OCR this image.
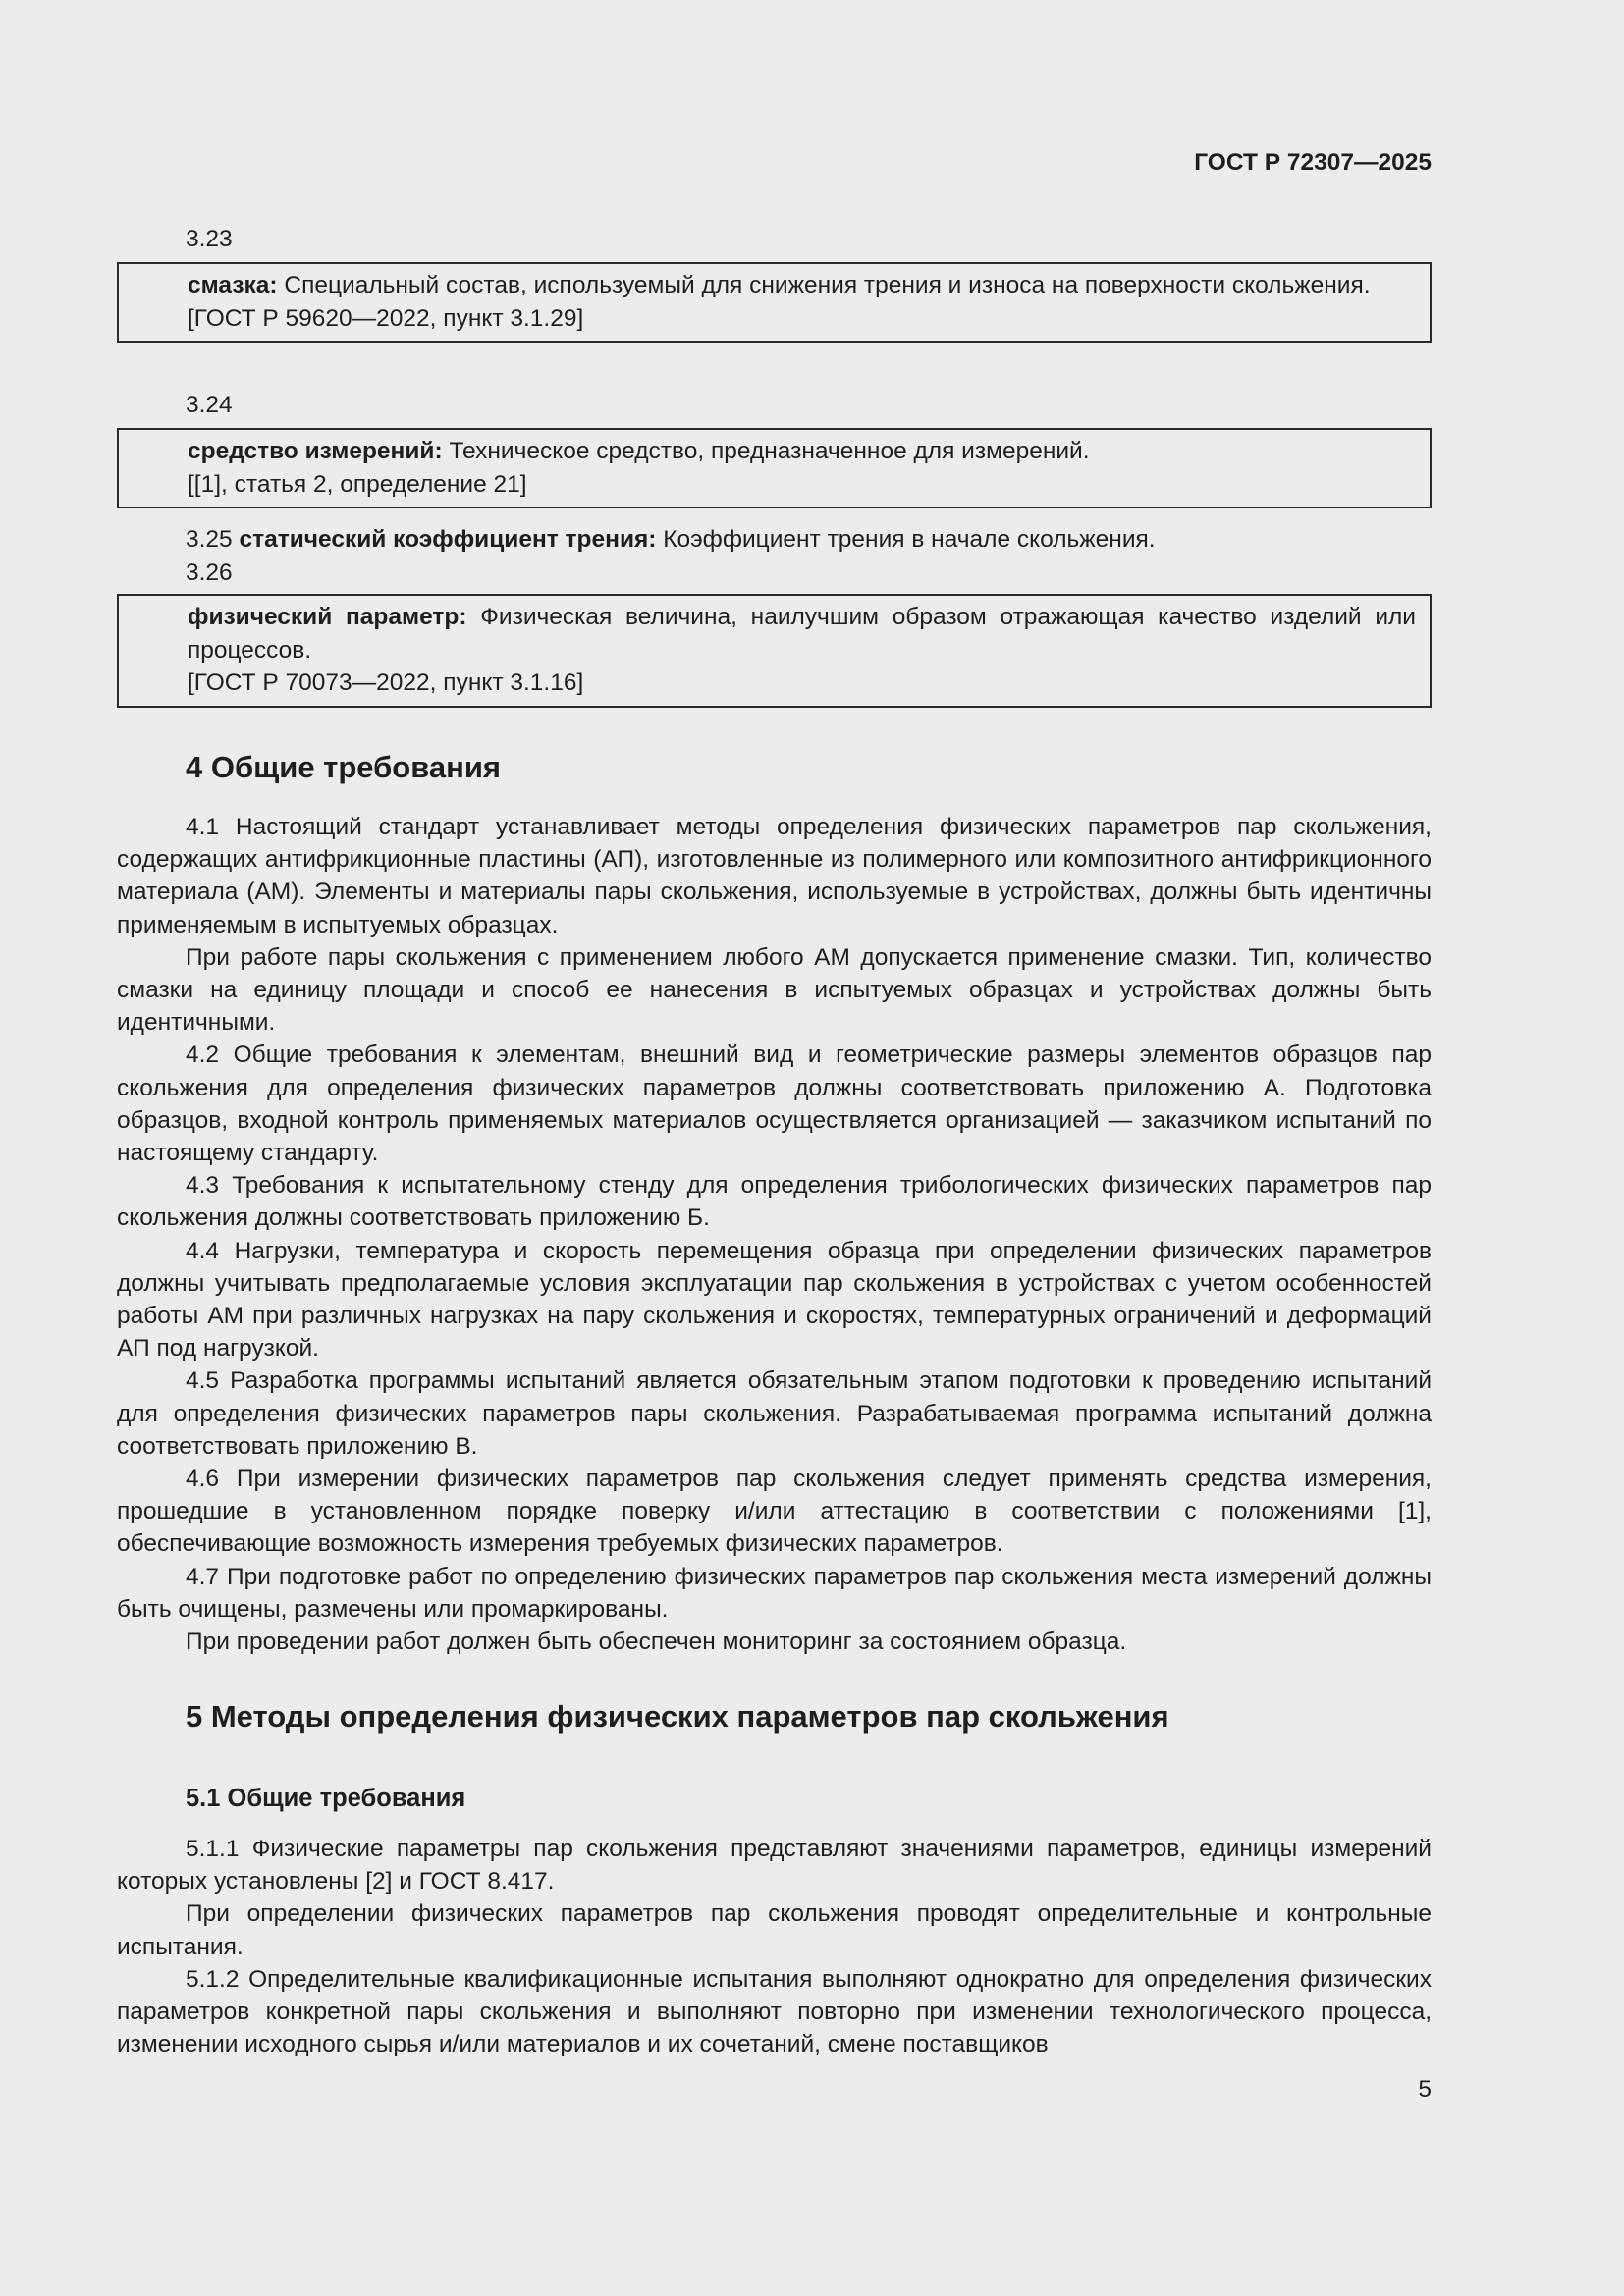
ГОСТ Р 72307—2025
3.23
смазка: Специальный состав, используемый для снижения трения и износа на поверхности скольжения.
[ГОСТ Р 59620—2022, пункт 3.1.29]
3.24
средство измерений: Техническое средство, предназначенное для измерений.
[[1], статья 2, определение 21]
3.25 статический коэффициент трения: Коэффициент трения в начале скольжения.
3.26
физический параметр: Физическая величина, наилучшим образом отражающая качество изделий или процессов.
[ГОСТ Р 70073—2022, пункт 3.1.16]
4 Общие требования

4.1 Настоящий стандарт устанавливает методы определения физических параметров пар скольжения, содержащих антифрикционные пластины (АП), изготовленные из полимерного или композитного антифрикционного материала (АМ). Элементы и материалы пары скольжения, используемые в устройствах, должны быть идентичны применяемым в испытуемых образцах.

При работе пары скольжения с применением любого АМ допускается применение смазки. Тип, количество смазки на единицу площади и способ ее нанесения в испытуемых образцах и устройствах должны быть идентичными.

4.2 Общие требования к элементам, внешний вид и геометрические размеры элементов образцов пар скольжения для определения физических параметров должны соответствовать приложению А. Подготовка образцов, входной контроль применяемых материалов осуществляется организацией — заказчиком испытаний по настоящему стандарту.

4.3 Требования к испытательному стенду для определения трибологических физических параметров пар скольжения должны соответствовать приложению Б.

4.4 Нагрузки, температура и скорость перемещения образца при определении физических параметров должны учитывать предполагаемые условия эксплуатации пар скольжения в устройствах с учетом особенностей работы АМ при различных нагрузках на пару скольжения и скоростях, температурных ограничений и деформаций АП под нагрузкой.

4.5 Разработка программы испытаний является обязательным этапом подготовки к проведению испытаний для определения физических параметров пары скольжения. Разрабатываемая программа испытаний должна соответствовать приложению В.

4.6 При измерении физических параметров пар скольжения следует применять средства измерения, прошедшие в установленном порядке поверку и/или аттестацию в соответствии с положениями [1], обеспечивающие возможность измерения требуемых физических параметров.

4.7 При подготовке работ по определению физических параметров пар скольжения места измерений должны быть очищены, размечены или промаркированы.

При проведении работ должен быть обеспечен мониторинг за состоянием образца.

5 Методы определения физических параметров пар скольжения
5.1 Общие требования

5.1.1 Физические параметры пар скольжения представляют значениями параметров, единицы измерений которых установлены [2] и ГОСТ 8.417.

При определении физических параметров пар скольжения проводят определительные и контрольные испытания.

5.1.2 Определительные квалификационные испытания выполняют однократно для определения физических параметров конкретной пары скольжения и выполняют повторно при изменении технологического процесса, изменении исходного сырья и/или материалов и их сочетаний, смене поставщиков

5
